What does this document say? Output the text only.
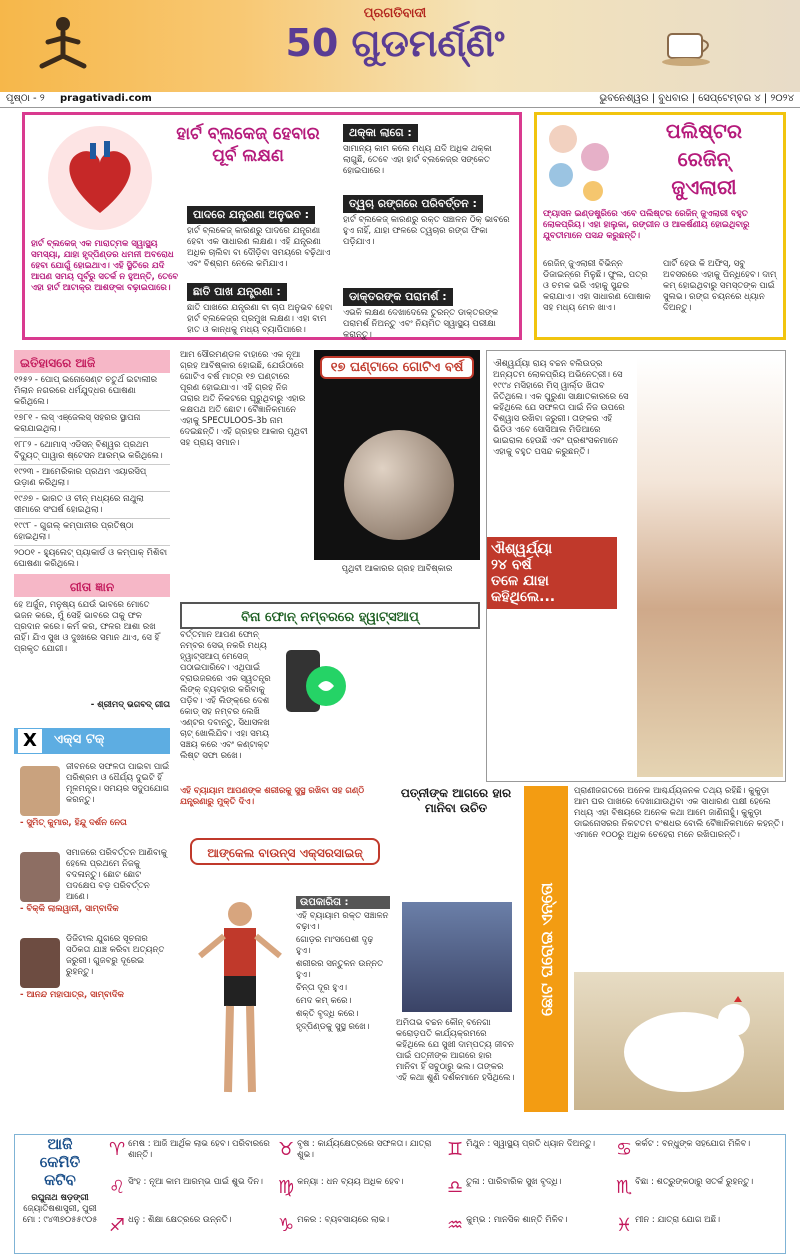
ପ୍ରଗତିବାଦୀ
50 ଗୁଡମର୍ଣ୍ଣିଂ
ପୃଷ୍ଠା - ୨ pragativadi.com	ଭୁବନେଶ୍ୱର | ବୁଧବାର | ସେପ୍ଟେମ୍ବର ୪ | ୨୦୨୪
ହାର୍ଟ ବ୍ଲକେଜ୍ ହେବାର ପୂର୍ବ ଲକ୍ଷଣ
ହାର୍ଟ ବ୍ଲକେଜ୍ ଏକ ମାରାତ୍ମକ ସ୍ୱାସ୍ଥ୍ୟ ସମସ୍ୟା, ଯାହା ହୃଦ୍‌ପିଣ୍ଡର ଧମନୀ ଅବରୋଧ ହେବା ଯୋଗୁଁ ହୋଇଥାଏ। ଏହି ସ୍ଥିତିରେ ଯଦି ଆପଣ ସମୟ ପୂର୍ବରୁ ସତର୍କ ନ ହୁଅନ୍ତି, ତେବେ ଏହା ହାର୍ଟ ଆଟାକ୍‌ର ଆଶଙ୍କା ବଢ଼ାଇପାରେ।
ପାଦରେ ଯନ୍ତ୍ରଣା ଅନୁଭବ :
ହାର୍ଟ ବ୍ଲକେଜ୍ କାରଣରୁ ପାଦରେ ଯନ୍ତ୍ରଣା ହେବା ଏକ ସାଧାରଣ ଲକ୍ଷଣ। ଏହି ଯନ୍ତ୍ରଣା ଅଧିକ ଚାଲିବା ବା ଦୌଡ଼ିବା ସମୟରେ ବଢ଼ିଥାଏ ଏବଂ ବିଶ୍ରାମ ନେଲେ କମିଯାଏ।
ଛାତି ପାଖ ଯନ୍ତ୍ରଣା :
ଛାତି ପାଖରେ ଯନ୍ତ୍ରଣା ବା ଚାପ ଅନୁଭବ ହେବା ହାର୍ଟ ବ୍ଲକେଜ୍‌ର ପ୍ରମୁଖ ଲକ୍ଷଣ। ଏହା ବାମ ହାତ ଓ କାନ୍ଧକୁ ମଧ୍ୟ ବ୍ୟାପିପାରେ।
ଥକ୍କା ଲାଗେ :
ସାମାନ୍ୟ କାମ କଲେ ମଧ୍ୟ ଯଦି ଅଧିକ ଥକ୍କା ଲାଗୁଛି, ତେବେ ଏହା ହାର୍ଟ ବ୍ଲକେଜ୍‌ର ସଙ୍କେତ ହୋଇପାରେ।
ତ୍ୱଚା ରଙ୍ଗରେ ପରିବର୍ତ୍ତନ :
ହାର୍ଟ ବ୍ଲକେଜ୍ କାରଣରୁ ରକ୍ତ ସଞ୍ଚାଳନ ଠିକ୍ ଭାବରେ ହୁଏ ନାହିଁ, ଯାହା ଫଳରେ ତ୍ୱଚାର ରଙ୍ଗ ଫିକା ପଡ଼ିଯାଏ।
ଡାକ୍ତରଙ୍କ ପରାମର୍ଶ :
ଏଭଳି ଲକ୍ଷଣ ଦେଖାଦେଲେ ତୁରନ୍ତ ଡାକ୍ତରଙ୍କ ପରାମର୍ଶ ନିଅନ୍ତୁ ଏବଂ ନିୟମିତ ସ୍ୱାସ୍ଥ୍ୟ ପରୀକ୍ଷା କରାନ୍ତୁ।
ପଲିଷ୍ଟର
ରେଜିନ୍
ଜୁଏଲାରୀ
ଫ୍ୟାସନ ଇଣ୍ଡଷ୍ଟ୍ରିରେ ଏବେ ପଲିଷ୍ଟର ରେଜିନ୍ ଜୁଏଲାରୀ ବହୁତ ଲୋକପ୍ରିୟ। ଏହା ହାଲୁକା, ରଙ୍ଗୀନ ଓ ଆକର୍ଷଣୀୟ ହୋଇଥିବାରୁ ଯୁବତୀମାନେ ପସନ୍ଦ କରୁଛନ୍ତି।
ରେଜିନ୍ ଜୁଏଲାରୀ ବିଭିନ୍ନ ଡିଜାଇନ୍‌ରେ ମିଳୁଛି। ଫୁଲ, ପତ୍ର ଓ ଚମକ ଭରି ଏହାକୁ ସୁନ୍ଦର କରାଯାଏ। ଏହା ସାଧାରଣ ପୋଷାକ ସହ ମଧ୍ୟ ମେଳ ଖାଏ।
ପାର୍ଟି ହେଉ କି ଅଫିସ୍, ସବୁ ଅବସରରେ ଏହାକୁ ପିନ୍ଧିହେବ। ଦାମ୍ କମ୍ ହୋଇଥିବାରୁ ସମସ୍ତଙ୍କ ପାଇଁ ସୁଲଭ। ରଙ୍ଗ ଚୟନରେ ଧ୍ୟାନ ଦିଅନ୍ତୁ।
ଇତିହାସରେ ଆଜି
୧୨୫୨ - ପୋପ୍ ଇନୋସେଣ୍ଟ ଚତୁର୍ଥ ଇଟାଲୀର ମିଲାନ ନଗରରେ ଧର୍ମଯୁଦ୍ଧର ଘୋଷଣା କରିଥିଲେ।
୧୭୮୧ - ଲସ୍ ଏଞ୍ଜେଲସ୍ ସହରର ସ୍ଥାପନା କରାଯାଇଥିଲା।
୧୮୮୨ - ଥୋମାସ୍ ଏଡିସନ୍ ବିଶ୍ୱର ପ୍ରଥମ ବିଦ୍ୟୁତ୍ ପାୱାର ଷ୍ଟେସନ ଆରମ୍ଭ କରିଥିଲେ।
୧୯୨୩ - ଆମେରିକାର ପ୍ରଥମ ଏୟାରସିପ୍ ଉଡ଼ାଣ କରିଥିଲା।
୧୯୬୭ - ଭାରତ ଓ ଚୀନ୍ ମଧ୍ୟରେ ନାଥୁଲା ସୀମାରେ ସଂଘର୍ଷ ହୋଇଥିଲା।
୧୯୯୮ - ଗୁଗଲ୍ କମ୍ପାନୀର ପ୍ରତିଷ୍ଠା ହୋଇଥିଲା।
୨୦୦୧ - ହ୍ୟୁଲେଟ୍ ପ୍ୟାକାର୍ଡ ଓ କମ୍ପାକ୍ ମିଶିବା ଘୋଷଣା କରିଥିଲେ।
ଗୀତା ଜ୍ଞାନ
ହେ ଅର୍ଜୁନ, ମନୁଷ୍ୟ ଯେଉଁ ଭାବରେ ମୋତେ ଭଜନ କରେ, ମୁଁ ସେହି ଭାବରେ ତାକୁ ଫଳ ପ୍ରଦାନ କରେ। କର୍ମ କର, ଫଳର ଆଶା ରଖ ନାହିଁ। ଯିଏ ସୁଖ ଓ ଦୁଃଖରେ ସମାନ ଥାଏ, ସେ ହିଁ ପ୍ରକୃତ ଯୋଗୀ।
- ଶ୍ରୀମଦ୍ ଭଗବଦ୍ ଗୀତା
X	ଏକ୍ସ ଟକ୍
ଜୀବନରେ ସଫଳତା ପାଇବା ପାଇଁ ପରିଶ୍ରମ ଓ ଧୈର୍ଯ୍ୟ ଦୁଇଟି ହିଁ ମୂଳମନ୍ତ୍ର। ସମୟର ସଦୁପଯୋଗ କରନ୍ତୁ।
- ସୁମିତ୍ କୁମାର, ହିନ୍ଦୁ ଦର୍ଶନ ନେତା
ସମାଜରେ ପରିବର୍ତ୍ତନ ଆଣିବାକୁ ହେଲେ ପ୍ରଥମେ ନିଜକୁ ବଦଳାନ୍ତୁ। ଛୋଟ ଛୋଟ ପଦକ୍ଷେପ ବଡ଼ ପରିବର୍ତ୍ତନ ଆଣେ।
- ବିକ୍କି ଲାଲୱାନୀ, ସାମ୍ବାଦିକ
ଡିଜିଟାଲ ଯୁଗରେ ସୂଚନାର ସଠିକତା ଯାଞ୍ଚ କରିବା ଅତ୍ୟନ୍ତ ଜରୁରୀ। ଗୁଜବରୁ ଦୂରେଇ ରୁହନ୍ତୁ।
- ଆନନ୍ଦ ମହାପାତ୍ର, ସାମ୍ବାଦିକ
ଆମ ସୌରମଣ୍ଡଳ ବାହାରେ ଏକ ନୂଆ ଗ୍ରହ ଆବିଷ୍କାର ହୋଇଛି, ଯେଉଁଠାରେ ଗୋଟିଏ ବର୍ଷ ମାତ୍ର ୧୭ ଘଣ୍ଟାରେ ପୂରଣ ହୋଇଯାଏ। ଏହି ଗ୍ରହ ନିଜ ତାରାର ଅତି ନିକଟରେ ଘୂରୁଥିବାରୁ ଏହାର କକ୍ଷପଥ ଅତି ଛୋଟ। ବୈଜ୍ଞାନିକମାନେ ଏହାକୁ SPECULOOS-3b ନାମ ଦେଇଛନ୍ତି। ଏହି ଗ୍ରହର ଆକାର ପୃଥିବୀ ସହ ପ୍ରାୟ ସମାନ।
୧୭ ଘଣ୍ଟାରେ ଗୋଟିଏ ବର୍ଷ
ପୃଥିବୀ ଆକାରର ଗ୍ରହ ଆବିଷ୍କାର
ବିନା ଫୋନ୍ ନମ୍ବରରେ ହ୍ୱାଟ୍ସଆପ୍
ବର୍ତ୍ତମାନ ଆପଣ ଫୋନ୍ ନମ୍ବର ସେଭ୍ ନକରି ମଧ୍ୟ ହ୍ୱାଟ୍ସଆପ୍ ମେସେଜ୍ ପଠାଇପାରିବେ। ଏଥିପାଇଁ ବ୍ରାଉଜରରେ ଏକ ସ୍ୱତନ୍ତ୍ର ଲିଙ୍କ୍ ବ୍ୟବହାର କରିବାକୁ ପଡ଼ିବ। ଏହି ଲିଙ୍କ୍‌ରେ ଦେଶ କୋଡ୍ ସହ ନମ୍ବର ଲେଖି ଏଣ୍ଟର ଦବାନ୍ତୁ, ସିଧାସଳଖ ଚାଟ୍ ଖୋଲିଯିବ। ଏହା ସମୟ ସଞ୍ଚୟ କରେ ଏବଂ କଣ୍ଟାକ୍ଟ ଲିଷ୍ଟ ସଫା ରଖେ।
ଐଶ୍ୱର୍ଯ୍ୟା ରାୟ ବଚ୍ଚନ ବଲିଉଡ୍‌ର ଅନ୍ୟତମ ଲୋକପ୍ରିୟ ଅଭିନେତ୍ରୀ। ସେ ୧୯୯୪ ମସିହାରେ ମିସ୍ ୱାର୍ଲ୍ଡ ଖିତାବ ଜିତିଥିଲେ। ଏକ ପୁରୁଣା ସାକ୍ଷାତକାରରେ ସେ କହିଥିଲେ ଯେ ସଫଳତା ପାଇଁ ନିଜ ଉପରେ ବିଶ୍ୱାସ ରଖିବା ଜରୁରୀ। ତାଙ୍କର ଏହି ଭିଡିଓ ଏବେ ସୋସିଆଲ ମିଡିଆରେ ଭାଇରାଲ ହେଉଛି ଏବଂ ପ୍ରଶଂସକମାନେ ଏହାକୁ ବହୁତ ପସନ୍ଦ କରୁଛନ୍ତି।
ଐଶ୍ୱର୍ଯ୍ୟା
୨୪ ବର୍ଷ
ତଳେ ଯାହା
କହିଥିଲେ...
ଏହି ବ୍ୟାୟାମ ଆପଣଙ୍କ ଶରୀରକୁ ସୁସ୍ଥ ରଖିବା ସହ ଗଣ୍ଠି ଯନ୍ତ୍ରଣାରୁ ମୁକ୍ତି ଦିଏ।
ଆଙ୍କେଲ ବାଉନ୍ସ ଏକ୍ସରସାଇଜ୍
ଉପକାରିତା :
ଏହି ବ୍ୟାୟାମ ରକ୍ତ ସଞ୍ଚାଳନ ବଢ଼ାଏ।
ଗୋଡ଼ର ମାଂସପେଶୀ ଦୃଢ଼ ହୁଏ।
ଶରୀରର ସନ୍ତୁଳନ ଉନ୍ନତ ହୁଏ।
ଚିନ୍ତା ଦୂର ହୁଏ।
ମେଦ କମ୍ କରେ।
ଶକ୍ତି ବୃଦ୍ଧି କରେ।
ହୃଦ୍‌ପିଣ୍ଡକୁ ସୁସ୍ଥ ରଖେ।
ପତ୍ନୀଙ୍କ ଆଗରେ ହାର ମାନିବା ଉଚିତ
ଅମିତାଭ ବଚ୍ଚନ କୌନ୍ ବନେଗା କରୋଡ଼ପତି କାର୍ଯ୍ୟକ୍ରମରେ କହିଥିଲେ ଯେ ସୁଖୀ ଦାମ୍ପତ୍ୟ ଜୀବନ ପାଇଁ ପତ୍ନୀଙ୍କ ଆଗରେ ହାର ମାନିବା ହିଁ ସବୁଠାରୁ ଭଲ। ତାଙ୍କର ଏହି କଥା ଶୁଣି ଦର୍ଶକମାନେ ହସିଥିଲେ।
ଛୋଟ ଘରୋଇ ଏନ୍ତୋ
ପ୍ରାଣୀଜଗତରେ ଅନେକ ଆଶ୍ଚର୍ଯ୍ୟଜନକ ତଥ୍ୟ ରହିଛି। କୁକୁଡ଼ା ଆମ ଘର ପାଖରେ ଦେଖାଯାଉଥିବା ଏକ ସାଧାରଣ ପକ୍ଷୀ ହେଲେ ମଧ୍ୟ ଏହା ବିଷୟରେ ଅନେକ କଥା ଆମେ ଜାଣିନାହୁଁ। କୁକୁଡ଼ା ଡାଇନୋସରର ନିକଟତମ ବଂଶଧର ବୋଲି ବୈଜ୍ଞାନିକମାନେ କହନ୍ତି। ଏମାନେ ୧୦୦ରୁ ଅଧିକ ଚେହେରା ମନେ ରଖିପାରନ୍ତି।
ଆଜି
କେମିତି
କଟିବ
ରଘୁନାଥ ଷଡ଼ଙ୍ଗୀ
ଜ୍ୟୋତିଷଶାସ୍ତ୍ରୀ, ପୁରୀ
ମୋ : ୯୪୩୭୦୫୫୯୦୫
♈ ମେଷ : ଆଜି ଆର୍ଥିକ ଲାଭ ହେବ। ପରିବାରରେ ଶାନ୍ତି।	♉ ବୃଷ : କାର୍ଯ୍ୟକ୍ଷେତ୍ରରେ ସଫଳତା। ଯାତ୍ରା ଶୁଭ।	♊ ମିଥୁନ : ସ୍ୱାସ୍ଥ୍ୟ ପ୍ରତି ଧ୍ୟାନ ଦିଅନ୍ତୁ। ♋ କର୍କଟ : ବନ୍ଧୁଙ୍କ ସହଯୋଗ ମିଳିବ।
♌ ସିଂହ : ନୂଆ କାମ ଆରମ୍ଭ ପାଇଁ ଶୁଭ ଦିନ। ♍ କନ୍ୟା : ଧନ ବ୍ୟୟ ଅଧିକ ହେବ। ♎ ତୁଳା : ପାରିବାରିକ ସୁଖ ବୃଦ୍ଧି।	♏ ବିଛା : ଶତ୍ରୁଙ୍କଠାରୁ ସତର୍କ ରୁହନ୍ତୁ।
♐ ଧନୁ : ଶିକ୍ଷା କ୍ଷେତ୍ରରେ ଉନ୍ନତି।	♑ ମକର : ବ୍ୟବସାୟରେ ଲାଭ।	♒ କୁମ୍ଭ : ମାନସିକ ଶାନ୍ତି ମିଳିବ।	♓ ମୀନ : ଯାତ୍ରା ଯୋଗ ଅଛି।
